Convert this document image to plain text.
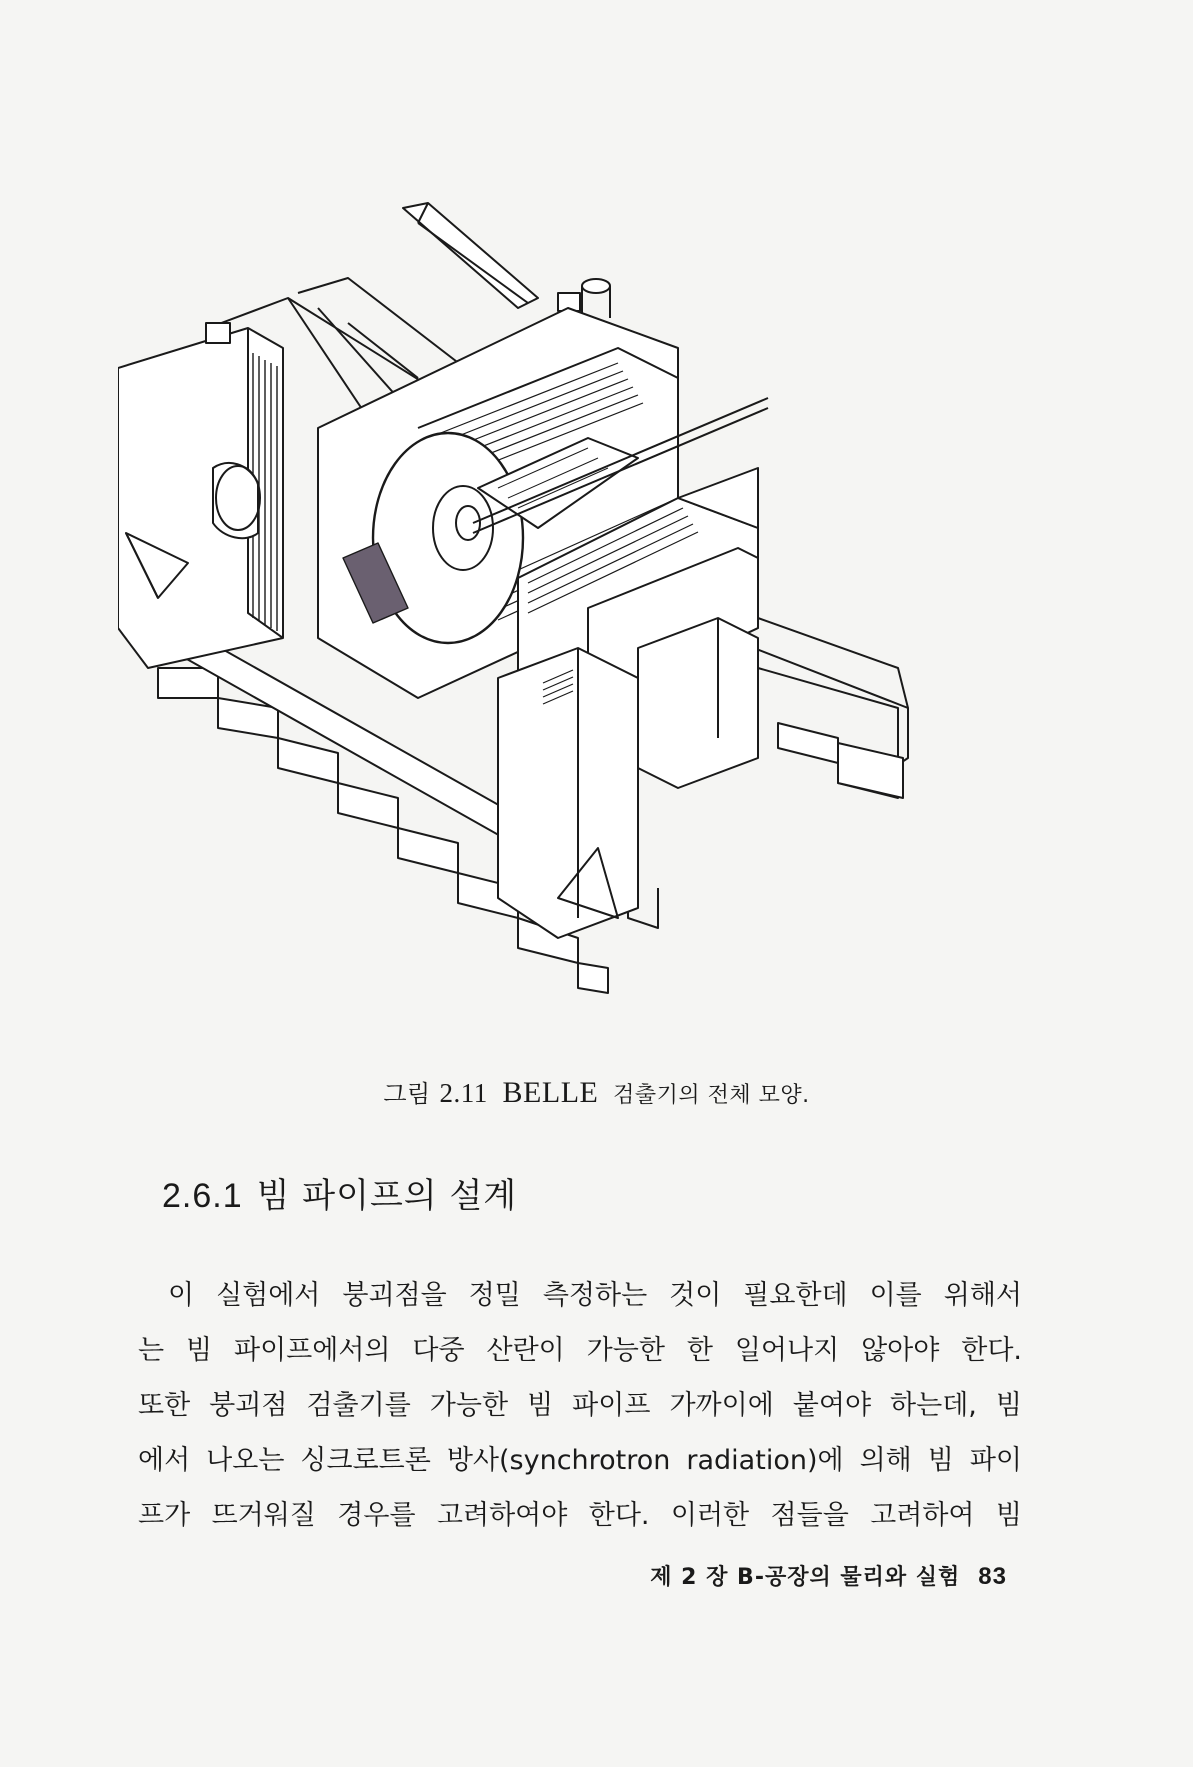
그림 2.11 BELLE 검출기의 전체 모양.
2.6.1 빔 파이프의 설계
이 실험에서 붕괴점을 정밀 측정하는 것이 필요한데 이를 위해서
는 빔 파이프에서의 다중 산란이 가능한 한 일어나지 않아야 한다.
또한 붕괴점 검출기를 가능한 빔 파이프 가까이에 붙여야 하는데, 빔
에서 나오는 싱크로트론 방사(synchrotron radiation)에 의해 빔 파이
프가 뜨거워질 경우를 고려하여야 한다. 이러한 점들을 고려하여 빔
제 2 장 B-공장의 물리와 실험 83
